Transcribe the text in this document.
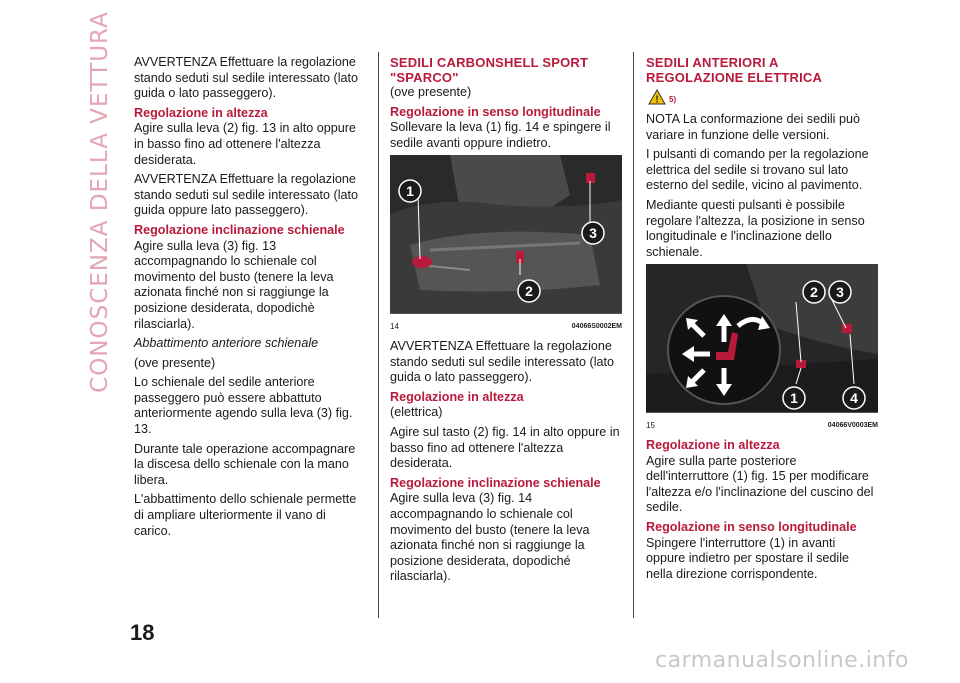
CONOSCENZA DELLA VETTURA AVVERTENZA Effettuare la regolazione stando seduti sul sedile interessato (lato guida o lato passeggero).

Regolazione in altezza

Agire sulla leva (2) fig. 13 in alto oppure in basso fino ad ottenere l'altezza desiderata.

AVVERTENZA Effettuare la regolazione stando seduti sul sedile interessato (lato guida oppure lato passeggero).

Regolazione inclinazione schienale

Agire sulla leva (3) fig. 13 accompagnando lo schienale col movimento del busto (tenere la leva azionata finché non si raggiunge la posizione desiderata, dopodichè rilasciarla).

Abbattimento anteriore schienale

(ove presente)

Lo schienale del sedile anteriore passeggero può essere abbattuto anteriormente agendo sulla leva (3) fig. 13.

Durante tale operazione accompagnare la discesa dello schienale con la mano libera.

L'abbattimento dello schienale permette di ampliare ulteriormente il vano di carico.

SEDILI CARBONSHELL SPORT "SPARCO"

(ove presente)

Regolazione in senso longitudinale

Sollevare la leva (1) fig. 14 e spingere il sedile avanti oppure indietro.

1
2
3
14	04066S0002EM

AVVERTENZA Effettuare la regolazione stando seduti sul sedile interessato (lato guida o lato passeggero).

Regolazione in altezza

(elettrica)

Agire sul tasto (2) fig. 14 in alto oppure in basso fino ad ottenere l'altezza desiderata.

Regolazione inclinazione schienale

Agire sulla leva (3) fig. 14 accompagnando lo schienale col movimento del busto (tenere la leva azionata finché non si raggiunge la posizione desiderata, dopodiché rilasciarla).

SEDILI ANTERIORI A REGOLAZIONE ELETTRICA
! 5)

NOTA La conformazione dei sedili può variare in funzione delle versioni.

I pulsanti di comando per la regolazione elettrica del sedile si trovano sul lato esterno del sedile, vicino al pavimento.

Mediante questi pulsanti è possibile regolare l'altezza, la posizione in senso longitudinale e l'inclinazione dello schienale.

2 3
1	4
15	04066V0003EM
Regolazione in altezza

Agire sulla parte posteriore dell'interruttore (1) fig. 15 per modificare l'altezza e/o l'inclinazione del cuscino del sedile.

Regolazione in senso longitudinale

Spingere l'interruttore (1) in avanti oppure indietro per spostare il sedile nella direzione corrispondente.

18
carmanualsonline.info
